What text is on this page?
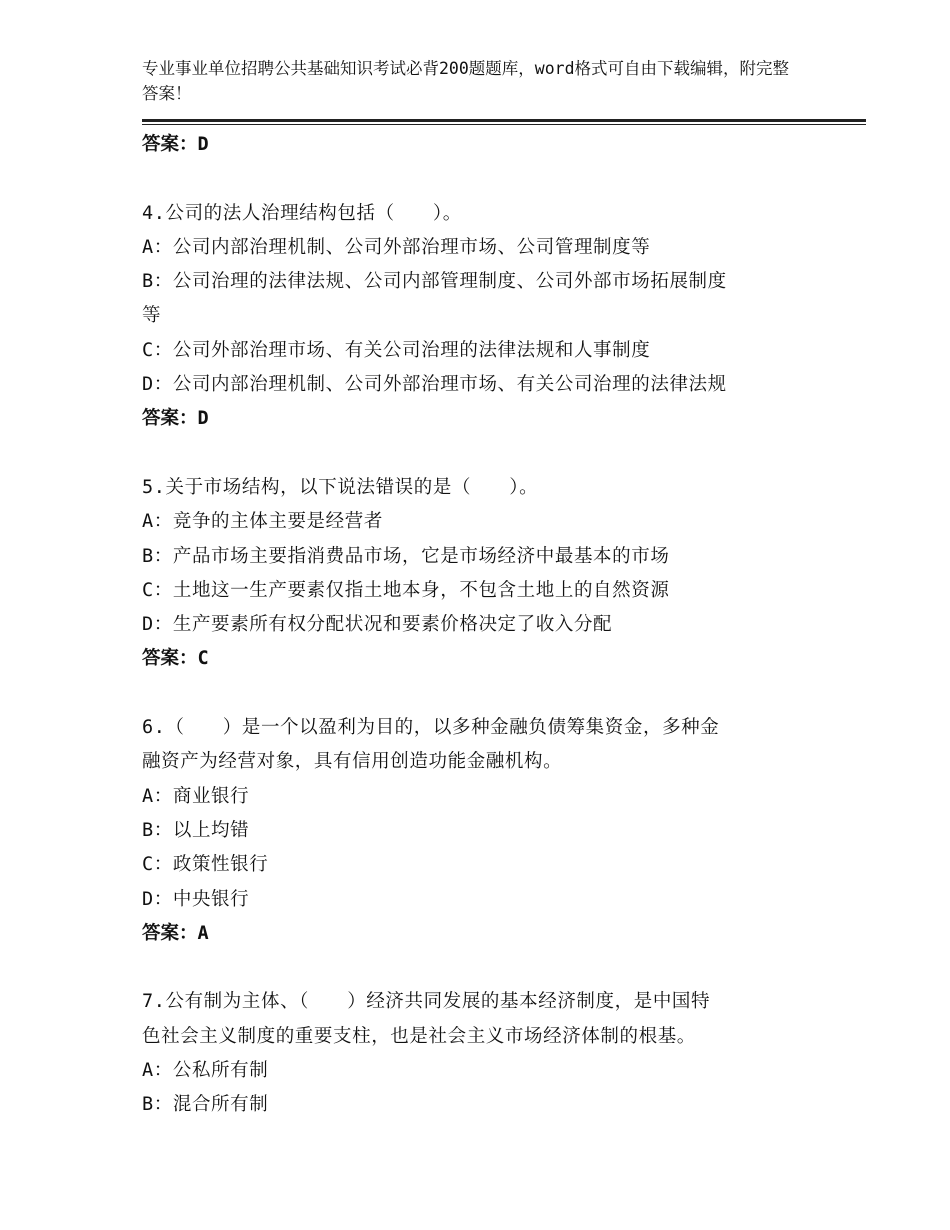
专业事业单位招聘公共基础知识考试必背200题题库，word格式可自由下载编辑，附完整答案！
答案：D
4.公司的法人治理结构包括（　　）。
A：公司内部治理机制、公司外部治理市场、公司管理制度等
B：公司治理的法律法规、公司内部管理制度、公司外部市场拓展制度
等
C：公司外部治理市场、有关公司治理的法律法规和人事制度
D：公司内部治理机制、公司外部治理市场、有关公司治理的法律法规
答案：D
5.关于市场结构，以下说法错误的是（　　）。
A：竞争的主体主要是经营者
B：产品市场主要指消费品市场，它是市场经济中最基本的市场
C：土地这一生产要素仅指土地本身，不包含土地上的自然资源
D：生产要素所有权分配状况和要素价格决定了收入分配
答案：C
6.（　　）是一个以盈利为目的，以多种金融负债筹集资金，多种金
融资产为经营对象，具有信用创造功能金融机构。
A：商业银行
B：以上均错
C：政策性银行
D：中央银行
答案：A
7.公有制为主体、（　　）经济共同发展的基本经济制度，是中国特
色社会主义制度的重要支柱，也是社会主义市场经济体制的根基。
A：公私所有制
B：混合所有制
